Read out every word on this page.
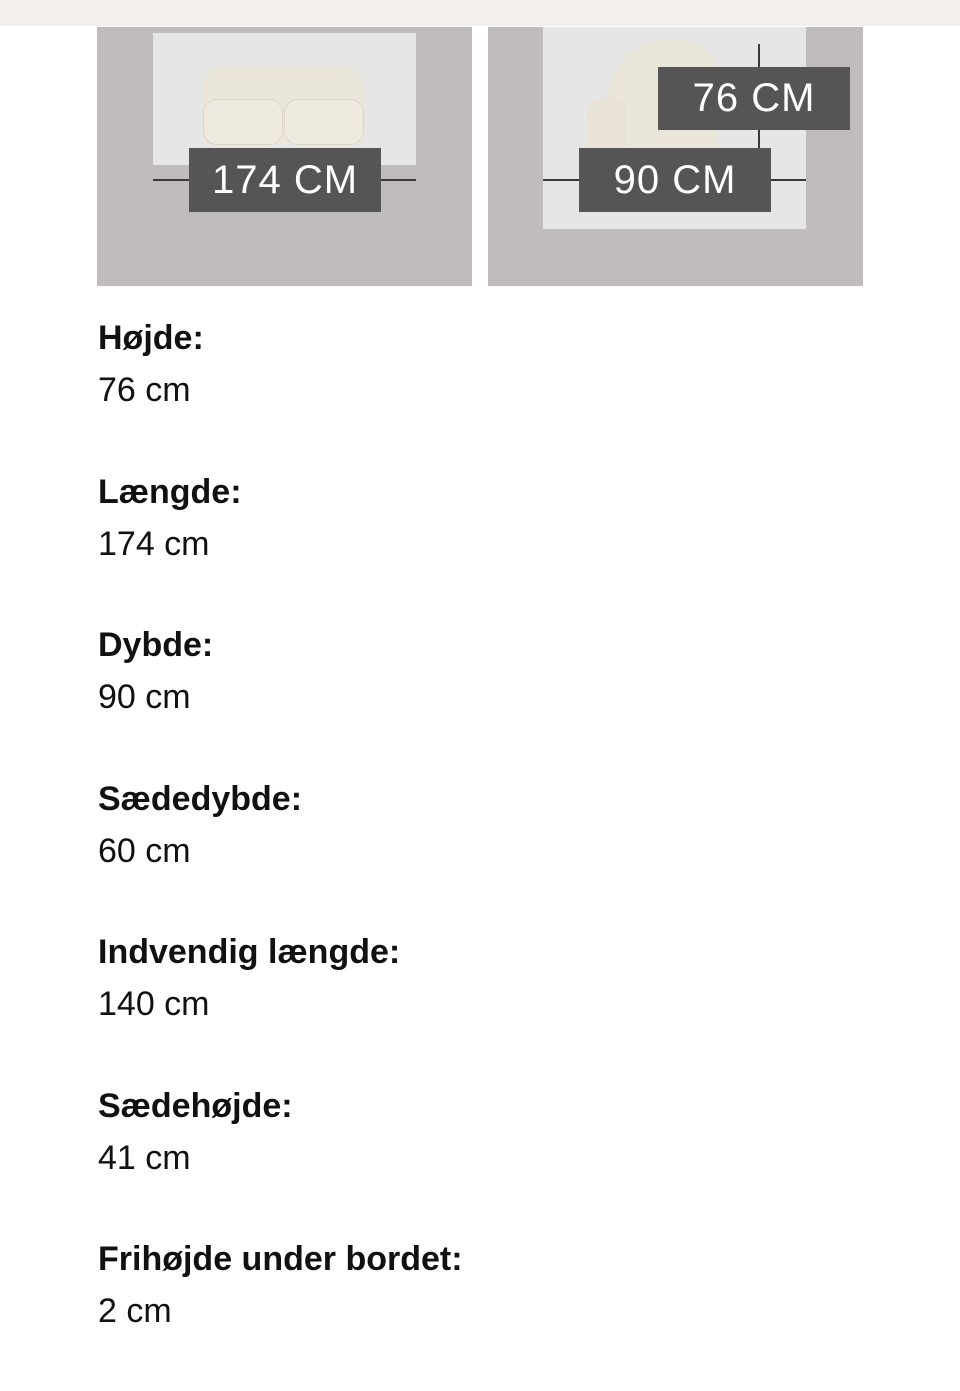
174 CM
76 CM
90 CM
Højde:
76 cm
Længde:
174 cm
Dybde:
90 cm
Sædedybde:
60 cm
Indvendig længde:
140 cm
Sædehøjde:
41 cm
Frihøjde under bordet:
2 cm
